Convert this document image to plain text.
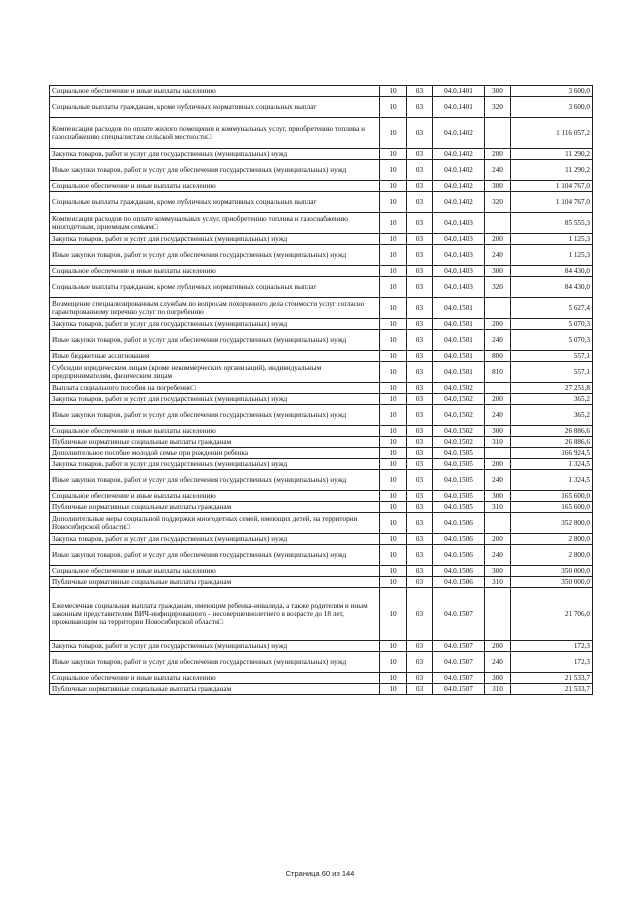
Социальное обеспечение и иные выплаты населению	10	03	04.0.1401	300	3 600,0
Социальные выплаты гражданам, кроме публичных нормативных социальных выплат	10	03	04.0.1401	320	3 600,0
Компенсация расходов по оплате жилого помещения и коммунальных услуг, приобретению топлива и газоснабжению специалистам сельской местности□	10	03	04.0.1402		1 116 057,2
Закупка товаров, работ и услуг для государственных (муниципальных) нужд	10	03	04.0.1402	200	11 290,2
Иные закупки товаров, работ и услуг для обеспечения государственных (муниципальных) нужд	10	03	04.0.1402	240	11 290,2
Социальное обеспечение и иные выплаты населению	10	03	04.0.1402	300	1 104 767,0
Социальные выплаты гражданам, кроме публичных нормативных социальных выплат	10	03	04.0.1402	320	1 104 767,0
Компенсация расходов по оплате коммунальных услуг, приобретению топлива и газоснабжению многодетным, приемным семьям□	10	03	04.0.1403		85 555,3
Закупка товаров, работ и услуг для государственных (муниципальных) нужд	10	03	04.0.1403	200	1 125,3
Иные закупки товаров, работ и услуг для обеспечения государственных (муниципальных) нужд	10	03	04.0.1403	240	1 125,3
Социальное обеспечение и иные выплаты населению	10	03	04.0.1403	300	84 430,0
Социальные выплаты гражданам, кроме публичных нормативных социальных выплат	10	03	04.0.1403	320	84 430,0
Возмещение специализированным службам по вопросам похоронного дела стоимости услуг согласно гарантированному перечню услуг по погребению	10	03	04.0.1501		5 627,4
Закупка товаров, работ и услуг для государственных (муниципальных) нужд	10	03	04.0.1501	200	5 070,3
Иные закупки товаров, работ и услуг для обеспечения государственных (муниципальных) нужд	10	03	04.0.1501	240	5 070,3
Иные бюджетные ассигнования	10	03	04.0.1501	800	557,1
Субсидии юридическим лицам (кроме некоммерческих организаций), индивидуальным предпринимателям, физическим лицам	10	03	04.0.1501	810	557,1
Выплата социального пособия на погребение□	10	03	04.0.1502		27 251,8
Закупка товаров, работ и услуг для государственных (муниципальных) нужд	10	03	04.0.1502	200	365,2
Иные закупки товаров, работ и услуг для обеспечения государственных (муниципальных) нужд	10	03	04.0.1502	240	365,2
Социальное обеспечение и иные выплаты населению	10	03	04.0.1502	300	26 886,6
Публичные нормативные социальные выплаты гражданам	10	03	04.0.1502	310	26 886,6
Дополнительное пособие молодой семье при рождении ребенка	10	03	04.0.1505		166 924,5
Закупка товаров, работ и услуг для государственных (муниципальных) нужд	10	03	04.0.1505	200	1 324,5
Иные закупки товаров, работ и услуг для обеспечения государственных (муниципальных) нужд	10	03	04.0.1505	240	1 324,5
Социальное обеспечение и иные выплаты населению	10	03	04.0.1505	300	165 600,0
Публичные нормативные социальные выплаты гражданам	10	03	04.0.1505	310	165 600,0
Дополнительные меры социальной поддержки многодетных семей, имеющих детей, на территории Новосибирской области□	10	03	04.0.1506		352 800,0
Закупка товаров, работ и услуг для государственных (муниципальных) нужд	10	03	04.0.1506	200	2 800,0
Иные закупки товаров, работ и услуг для обеспечения государственных (муниципальных) нужд	10	03	04.0.1506	240	2 800,0
Социальное обеспечение и иные выплаты населению	10	03	04.0.1506	300	350 000,0
Публичные нормативные социальные выплаты гражданам	10	03	04.0.1506	310	350 000,0
Ежемесячная социальная выплата гражданам, имеющим ребенка-инвалида, а также родителям и иным законным представителям ВИЧ-инфицированного - несовершеннолетнего в возрасте до 18 лет, проживающим на территории Новосибирской области□	10	03	04.0.1507		21 706,0
Закупка товаров, работ и услуг для государственных (муниципальных) нужд	10	03	04.0.1507	200	172,3
Иные закупки товаров, работ и услуг для обеспечения государственных (муниципальных) нужд	10	03	04.0.1507	240	172,3
Социальное обеспечение и иные выплаты населению	10	03	04.0.1507	300	21 533,7
Публичные нормативные социальные выплаты гражданам	10	03	04.0.1507	310	21 533,7
Страница 60 из 144
